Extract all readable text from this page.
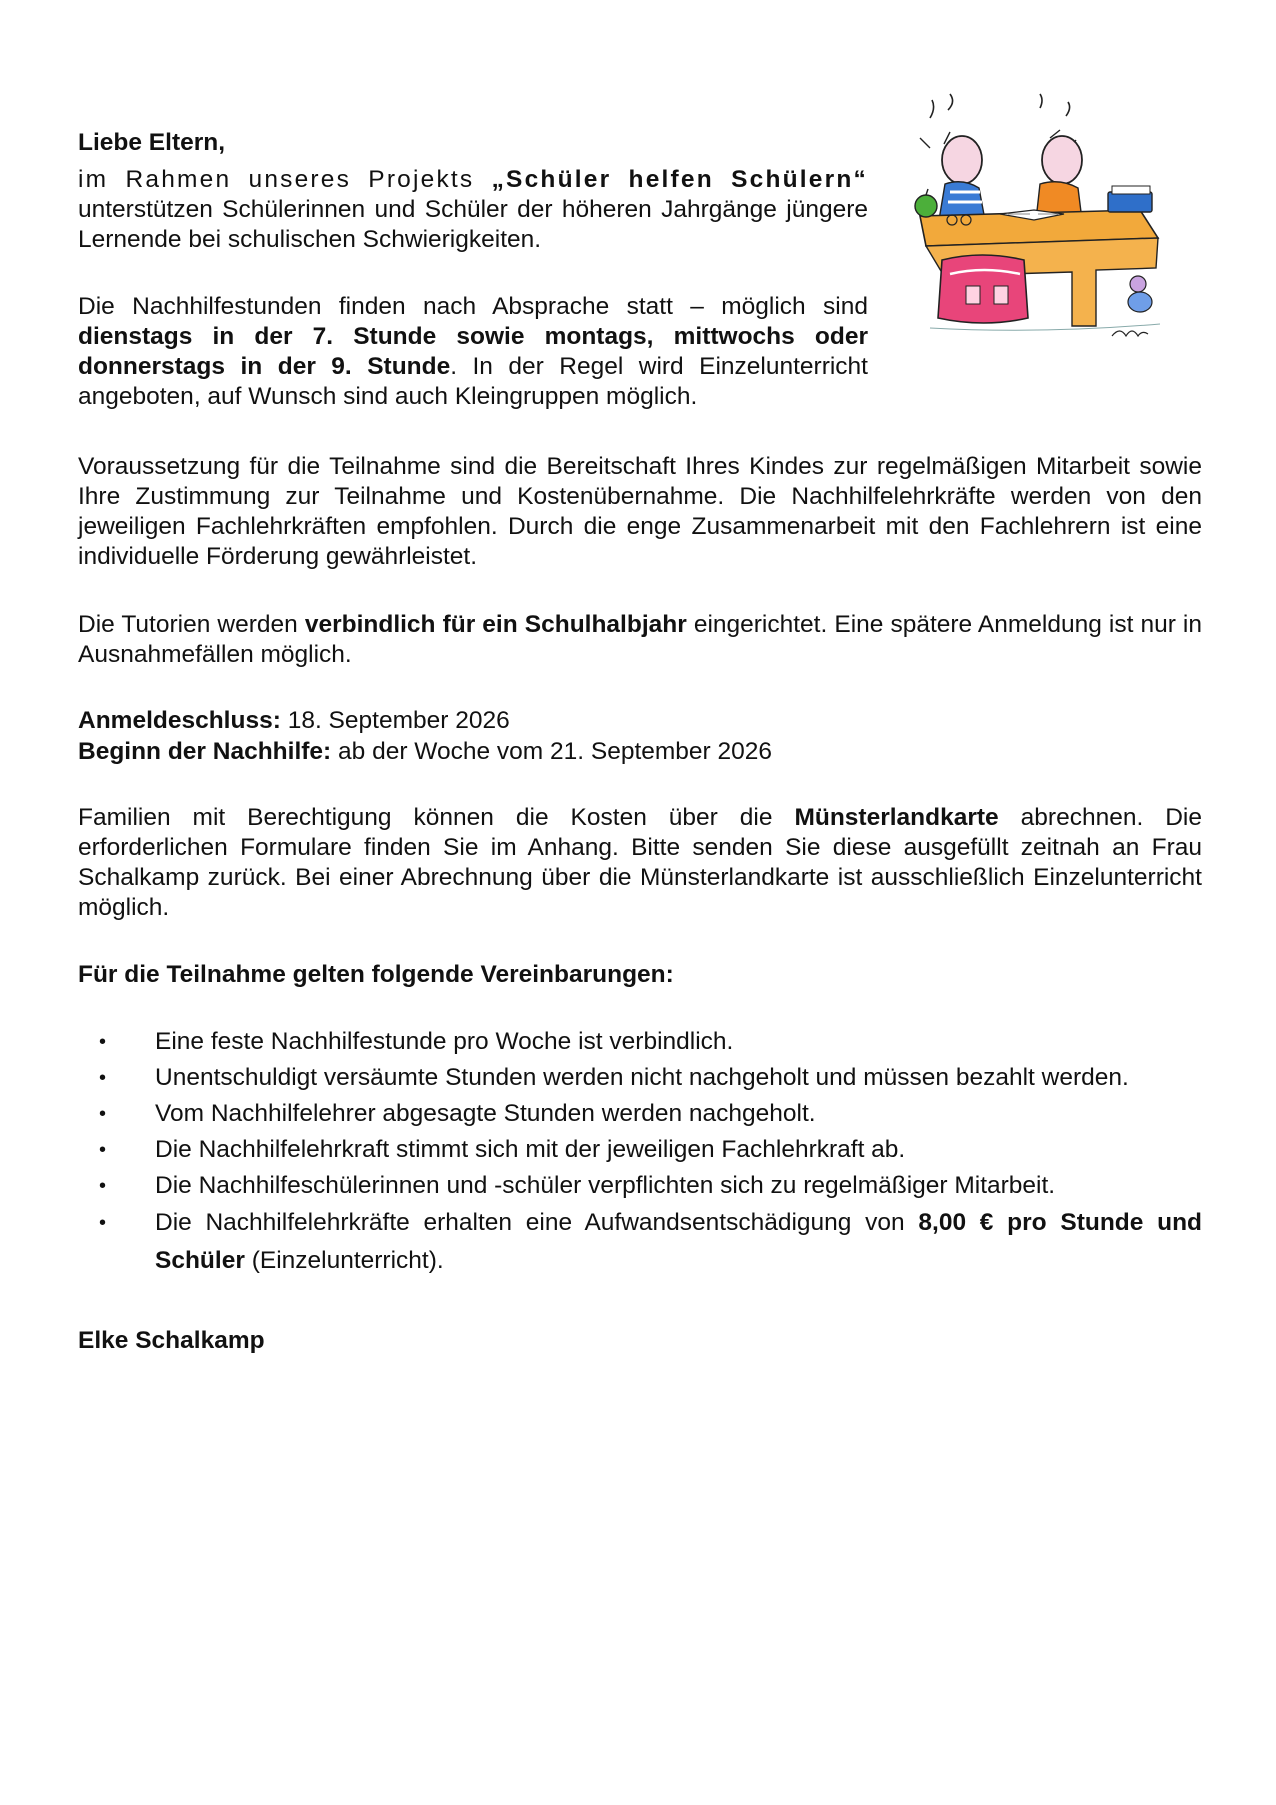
Liebe Eltern,

im Rahmen unseres Projekts „Schüler helfen Schülern“ unterstützen Schülerinnen und Schüler der höheren Jahrgänge jüngere Lernende bei schulischen Schwierigkeiten.

Die Nachhilfestunden finden nach Absprache statt – möglich sind dienstags in der 7. Stunde sowie montags, mittwochs oder donnerstags in der 9. Stunde. In der Regel wird Einzelunterricht angeboten, auf Wunsch sind auch Kleingruppen möglich.

Voraussetzung für die Teilnahme sind die Bereitschaft Ihres Kindes zur regelmäßigen Mitarbeit sowie Ihre Zustimmung zur Teilnahme und Kostenübernahme. Die Nachhilfelehrkräfte werden von den jeweiligen Fachlehrkräften empfohlen. Durch die enge Zusammenarbeit mit den Fachlehrern ist eine individuelle Förderung gewährleistet.

Die Tutorien werden verbindlich für ein Schulhalbjahr eingerichtet. Eine spätere Anmeldung ist nur in Ausnahmefällen möglich.

Anmeldeschluss: 18. September 2026

Beginn der Nachhilfe: ab der Woche vom 21. September 2026

Familien mit Berechtigung können die Kosten über die Münsterlandkarte abrechnen. Die erforderlichen Formulare finden Sie im Anhang. Bitte senden Sie diese ausgefüllt zeitnah an Frau Schalkamp zurück. Bei einer Abrechnung über die Münsterlandkarte ist ausschließlich Einzelunterricht möglich.

Für die Teilnahme gelten folgende Vereinbarungen:

• Eine feste Nachhilfestunde pro Woche ist verbindlich.
• Unentschuldigt versäumte Stunden werden nicht nachgeholt und müssen bezahlt werden.
• Vom Nachhilfelehrer abgesagte Stunden werden nachgeholt.
• Die Nachhilfelehrkraft stimmt sich mit der jeweiligen Fachlehrkraft ab.
• Die Nachhilfeschülerinnen und -schüler verpflichten sich zu regelmäßiger Mitarbeit.
• Die Nachhilfelehrkräfte erhalten eine Aufwandsentschädigung von 8,00 € pro Stunde und Schüler (Einzelunterricht).

Elke Schalkamp
